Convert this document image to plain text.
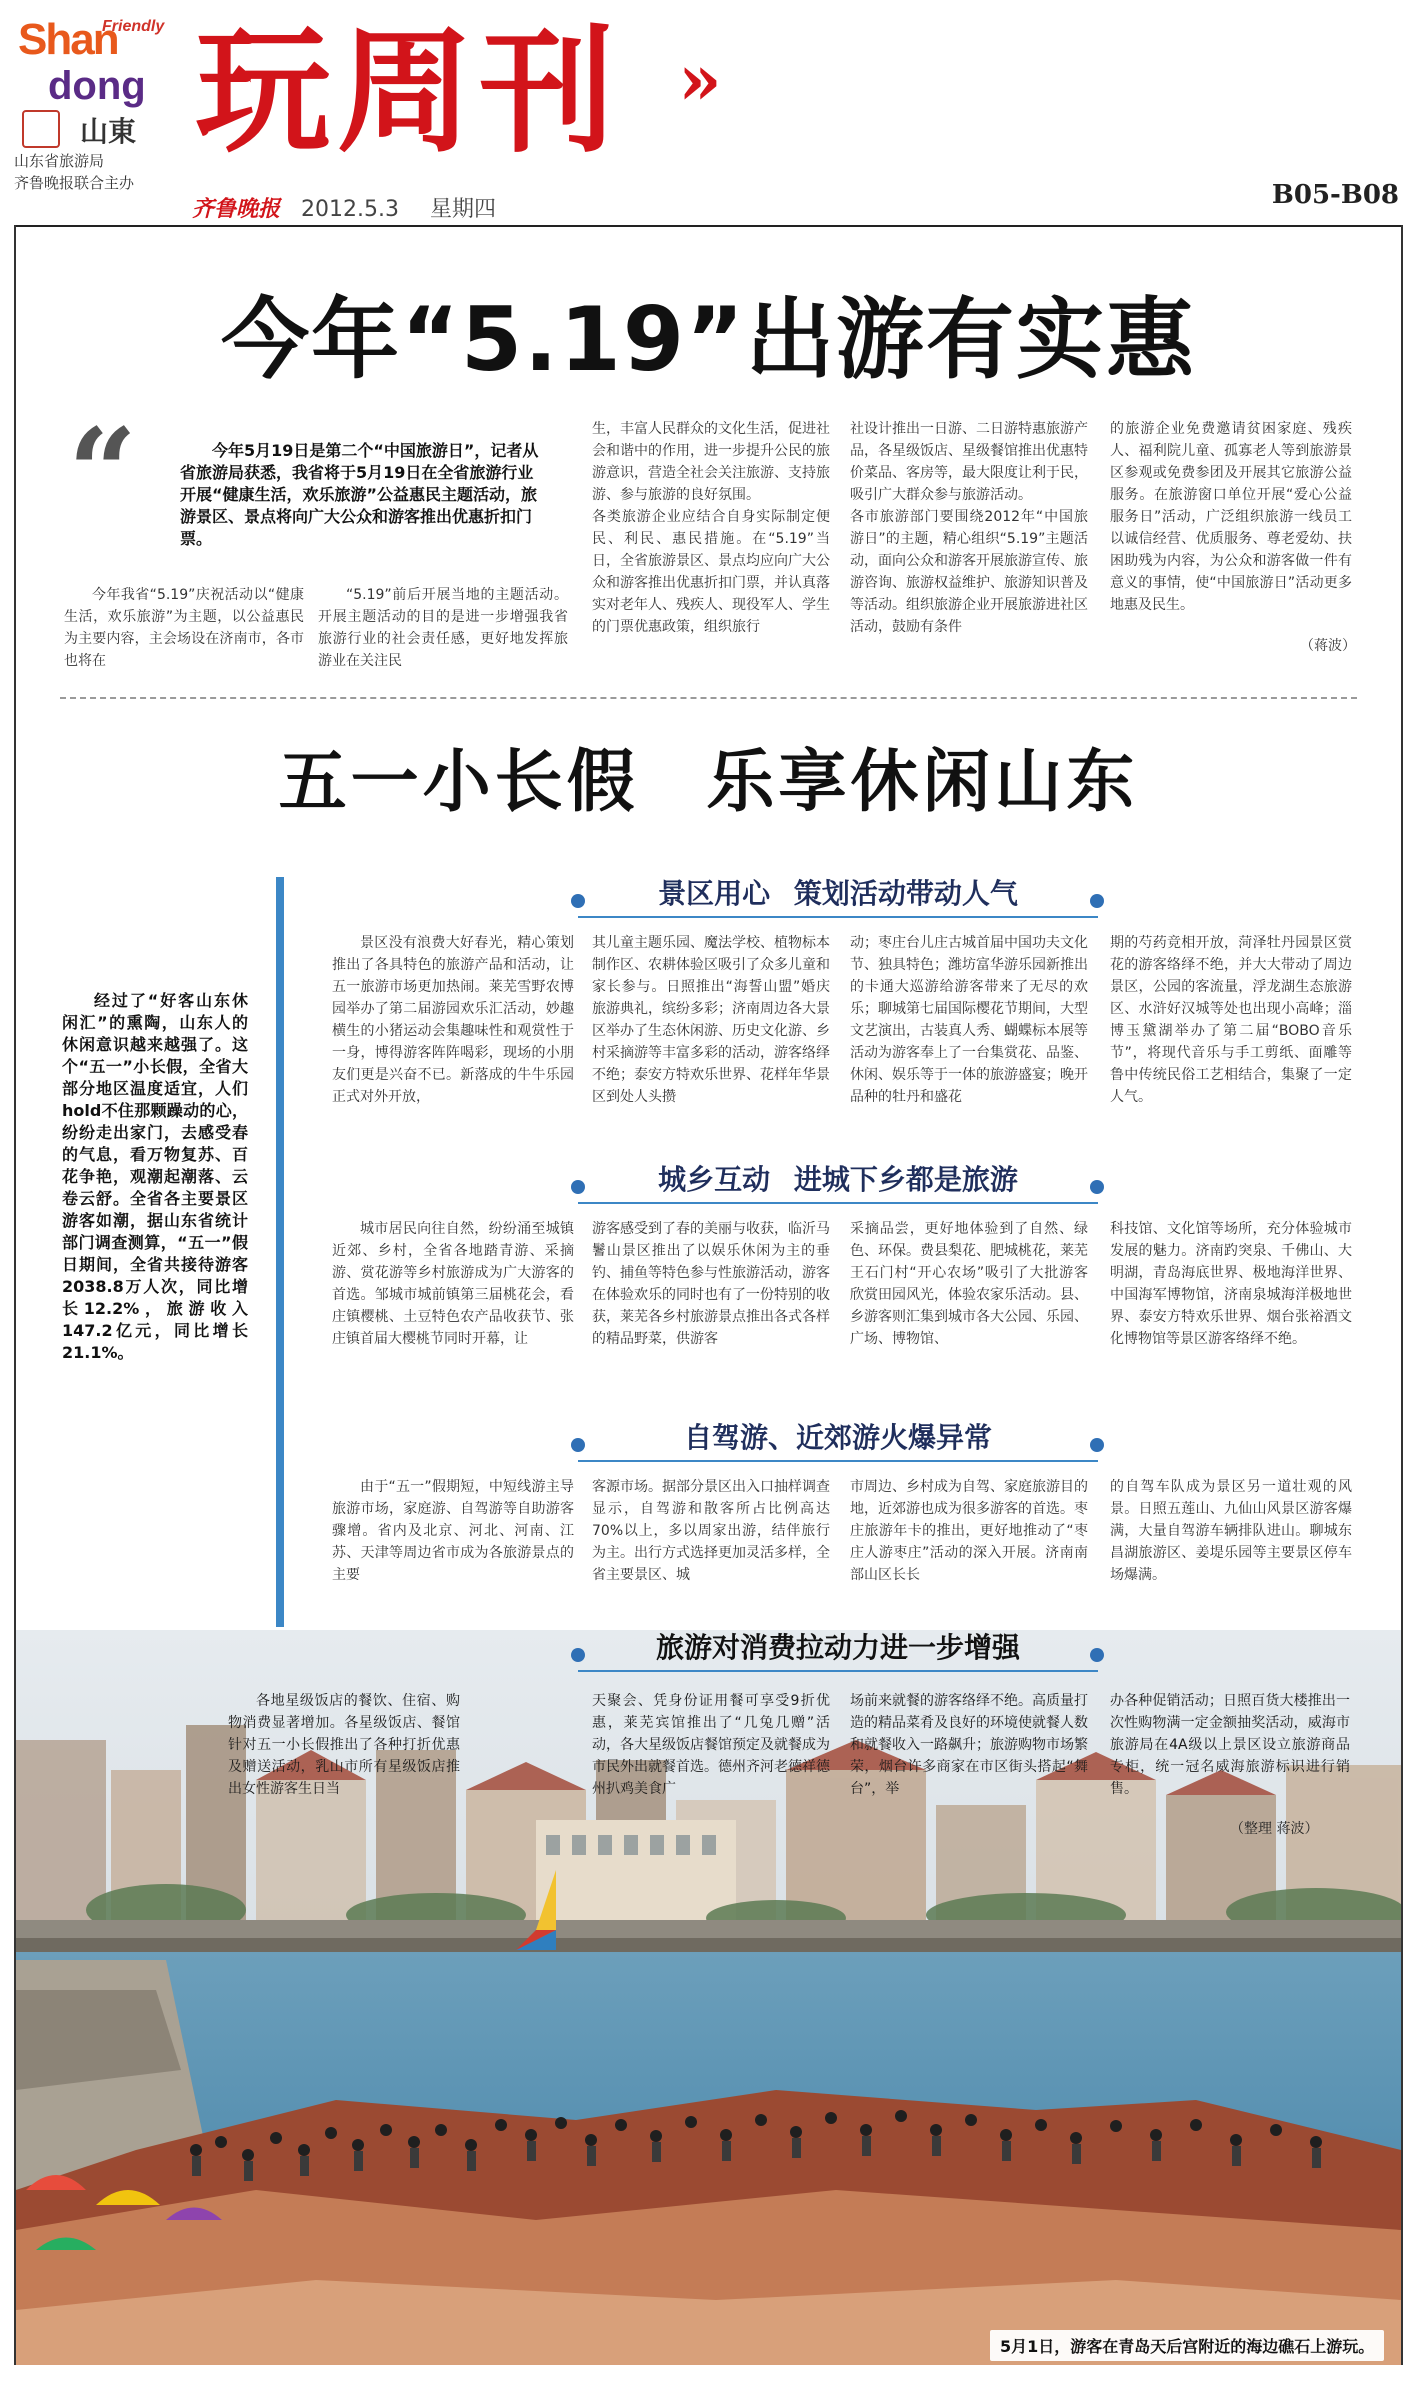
Friendly
Shan
dong
山東
山东省旅游局
齐鲁晚报联合主办
玩周刊 »
齐鲁晚报 2012.5.3 星期四	B05-B08
今年“5.19”出游有实惠
“	今年5月19日是第二个“中国旅游日”，记者从省旅游局获悉，我省将于5月19日在全省旅游行业开展“健康生活，欢乐旅游”公益惠民主题活动，旅游景区、景点将向广大公众和游客推出优惠折扣门票。
今年我省“5.19”庆祝活动以“健康生活，欢乐旅游”为主题，以公益惠民为主要内容，主会场设在济南市，各市也将在
“5.19”前后开展当地的主题活动。开展主题活动的目的是进一步增强我省旅游行业的社会责任感，更好地发挥旅游业在关注民
生，丰富人民群众的文化生活，促进社会和谐中的作用，进一步提升公民的旅游意识，营造全社会关注旅游、支持旅游、参与旅游的良好氛围。
各类旅游企业应结合自身实际制定便民、利民、惠民措施。在“5.19”当日，全省旅游景区、景点均应向广大公众和游客推出优惠折扣门票，并认真落实对老年人、残疾人、现役军人、学生的门票优惠政策，组织旅行
社设计推出一日游、二日游特惠旅游产品，各星级饭店、星级餐馆推出优惠特价菜品、客房等，最大限度让利于民，吸引广大群众参与旅游活动。
各市旅游部门要围绕2012年“中国旅游日”的主题，精心组织“5.19”主题活动，面向公众和游客开展旅游宣传、旅游咨询、旅游权益维护、旅游知识普及等活动。组织旅游企业开展旅游进社区活动，鼓励有条件
的旅游企业免费邀请贫困家庭、残疾人、福利院儿童、孤寡老人等到旅游景区参观或免费参团及开展其它旅游公益服务。在旅游窗口单位开展“爱心公益服务日”活动，广泛组织旅游一线员工以诚信经营、优质服务、尊老爱幼、扶困助残为内容，为公众和游客做一件有意义的事情，使“中国旅游日”活动更多地惠及民生。
（蒋波）
五一小长假 乐享休闲山东
经过了“好客山东休闲汇”的熏陶，山东人的休闲意识越来越强了。这个“五一”小长假，全省大部分地区温度适宜，人们hold不住那颗躁动的心，纷纷走出家门，去感受春的气息，看万物复苏、百花争艳，观潮起潮落、云卷云舒。全省各主要景区游客如潮，据山东省统计部门调查测算，“五一”假日期间，全省共接待游客2038.8万人次，同比增长12.2%，旅游收入147.2亿元，同比增长21.1%。
景区用心 策划活动带动人气
景区没有浪费大好春光，精心策划推出了各具特色的旅游产品和活动，让五一旅游市场更加热闹。莱芜雪野农博园举办了第二届游园欢乐汇活动，妙趣横生的小猪运动会集趣味性和观赏性于一身，博得游客阵阵喝彩，现场的小朋友们更是兴奋不已。新落成的牛牛乐园正式对外开放，
其儿童主题乐园、魔法学校、植物标本制作区、农耕体验区吸引了众多儿童和家长参与。日照推出“海誓山盟”婚庆旅游典礼，缤纷多彩；济南周边各大景区举办了生态休闲游、历史文化游、乡村采摘游等丰富多彩的活动，游客络绎不绝；泰安方特欢乐世界、花样年华景区到处人头攒
动；枣庄台儿庄古城首届中国功夫文化节、独具特色；潍坊富华游乐园新推出的卡通大巡游给游客带来了无尽的欢乐；聊城第七届国际樱花节期间，大型文艺演出，古装真人秀、蝴蝶标本展等活动为游客奉上了一台集赏花、品鉴、休闲、娱乐等于一体的旅游盛宴；晚开品种的牡丹和盛花
期的芍药竞相开放，菏泽牡丹园景区赏花的游客络绎不绝，并大大带动了周边景区，公园的客流量，浮龙湖生态旅游区、水浒好汉城等处也出现小高峰；淄博玉黛湖举办了第二届“BOBO音乐节”，将现代音乐与手工剪纸、面雕等鲁中传统民俗工艺相结合，集聚了一定人气。
城乡互动 进城下乡都是旅游
城市居民向往自然，纷纷涌至城镇近郊、乡村，全省各地踏青游、采摘游、赏花游等乡村旅游成为广大游客的首选。邹城市城前镇第三届桃花会，看庄镇樱桃、土豆特色农产品收获节、张庄镇首届大樱桃节同时开幕，让
游客感受到了春的美丽与收获，临沂马鬐山景区推出了以娱乐休闲为主的垂钓、捕鱼等特色参与性旅游活动，游客在体验欢乐的同时也有了一份特别的收获，莱芜各乡村旅游景点推出各式各样的精品野菜，供游客
采摘品尝，更好地体验到了自然、绿色、环保。费县梨花、肥城桃花，莱芜王石门村“开心农场”吸引了大批游客欣赏田园风光，体验农家乐活动。县、乡游客则汇集到城市各大公园、乐园、广场、博物馆、
科技馆、文化馆等场所，充分体验城市发展的魅力。济南趵突泉、千佛山、大明湖，青岛海底世界、极地海洋世界、中国海军博物馆，济南泉城海洋极地世界、泰安方特欢乐世界、烟台张裕酒文化博物馆等景区游客络绎不绝。
自驾游、近郊游火爆异常
由于“五一”假期短，中短线游主导旅游市场，家庭游、自驾游等自助游客骤增。省内及北京、河北、河南、江苏、天津等周边省市成为各旅游景点的主要
客源市场。据部分景区出入口抽样调查显示，自驾游和散客所占比例高达70%以上，多以周家出游，结伴旅行为主。出行方式选择更加灵活多样，全省主要景区、城
市周边、乡村成为自驾、家庭旅游目的地，近郊游也成为很多游客的首选。枣庄旅游年卡的推出，更好地推动了“枣庄人游枣庄”活动的深入开展。济南南部山区长长
的自驾车队成为景区另一道壮观的风景。日照五莲山、九仙山风景区游客爆满，大量自驾游车辆排队进山。聊城东昌湖旅游区、姜堤乐园等主要景区停车场爆满。
各地星级饭店的餐饮、住宿、购物消费显著增加。各星级饭店、餐馆针对五一小长假推出了各种打折优惠及赠送活动，乳山市所有星级饭店推出女性游客生日当
天聚会、凭身份证用餐可享受9折优惠，莱芜宾馆推出了“几兔几赠”活动，各大星级饭店餐馆预定及就餐成为市民外出就餐首选。德州齐河老德祥德州扒鸡美食广
场前来就餐的游客络绎不绝。高质量打造的精品菜肴及良好的环境使就餐人数和就餐收入一路飙升；旅游购物市场繁荣，烟台许多商家在市区街头搭起“舞台”，举
办各种促销活动；日照百货大楼推出一次性购物满一定金额抽奖活动，威海市旅游局在4A级以上景区设立旅游商品专柜，统一冠名威海旅游标识进行销售。
旅游对消费拉动力进一步增强
（整理 蒋波）
5月1日，游客在青岛天后宫附近的海边礁石上游玩。
